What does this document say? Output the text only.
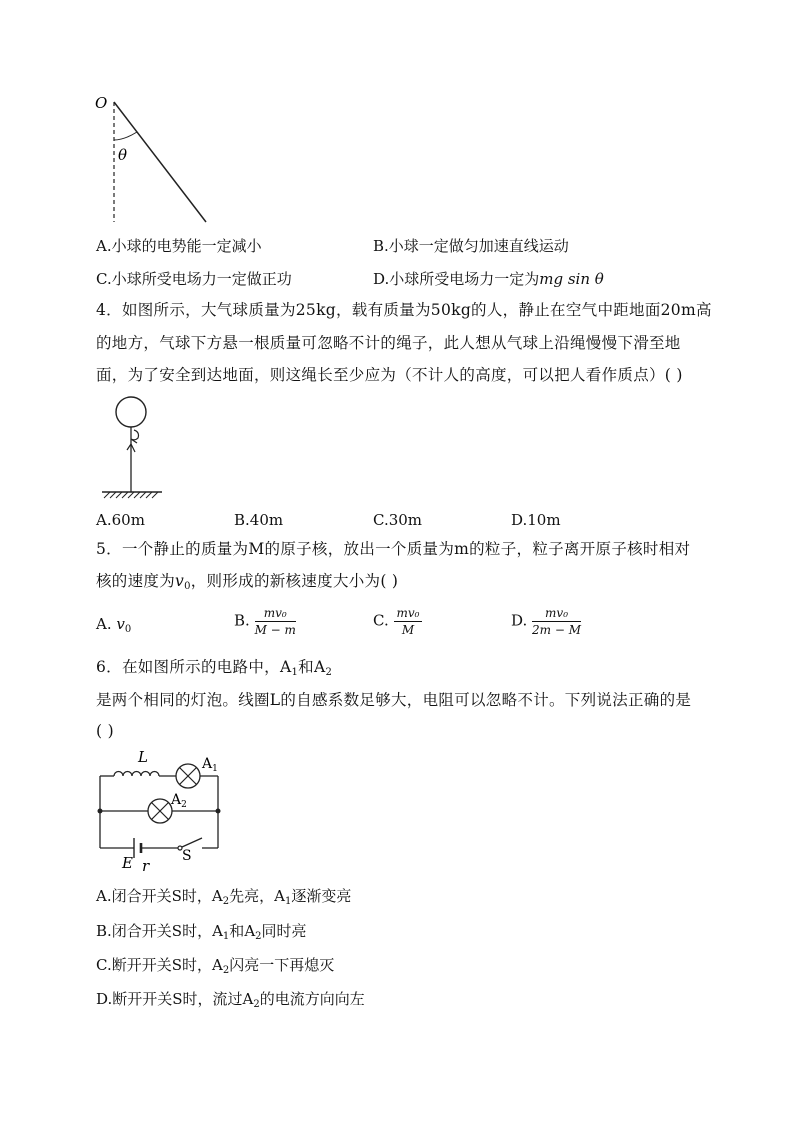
O
θ
A.小球的电势能一定减小	B.小球一定做匀加速直线运动
C.小球所受电场力一定做正功	D.小球所受电场力一定为mg sin θ
4．如图所示，大气球质量为25kg，载有质量为50kg的人，静止在空气中距地面20m高
的地方，气球下方悬一根质量可忽略不计的绳子，此人想从气球上沿绳慢慢下滑至地
面，为了安全到达地面，则这绳长至少应为（不计人的高度，可以把人看作质点）( )
A.60m	B.40m	C.30m	D.10m
5．一个静止的质量为M的原子核，放出一个质量为m的粒子，粒子离开原子核时相对
核的速度为$v_0$，则形成的新核速度大小为( )
A. $v_0$	B. $\frac{\text{mv₀}}{M - m}$	C. $\frac{\text{mv₀}}{M}$	D. $\frac{\text{mv₀}}{2m - M}$
6．在如图所示的电路中，$A_1$和$A_2$
是两个相同的灯泡。线圈L的自感系数足够大，电阻可以忽略不计。下列说法正确的是
( )
L	$A_1$
$A_2$
E r
S
A.闭合开关S时，$A_2$先亮，$A_1$逐渐变亮
B.闭合开关S时，$A_1$和$A_2$同时亮
C.断开开关S时，$A_2$闪亮一下再熄灭
D.断开开关S时，流过$A_2$的电流方向向左
